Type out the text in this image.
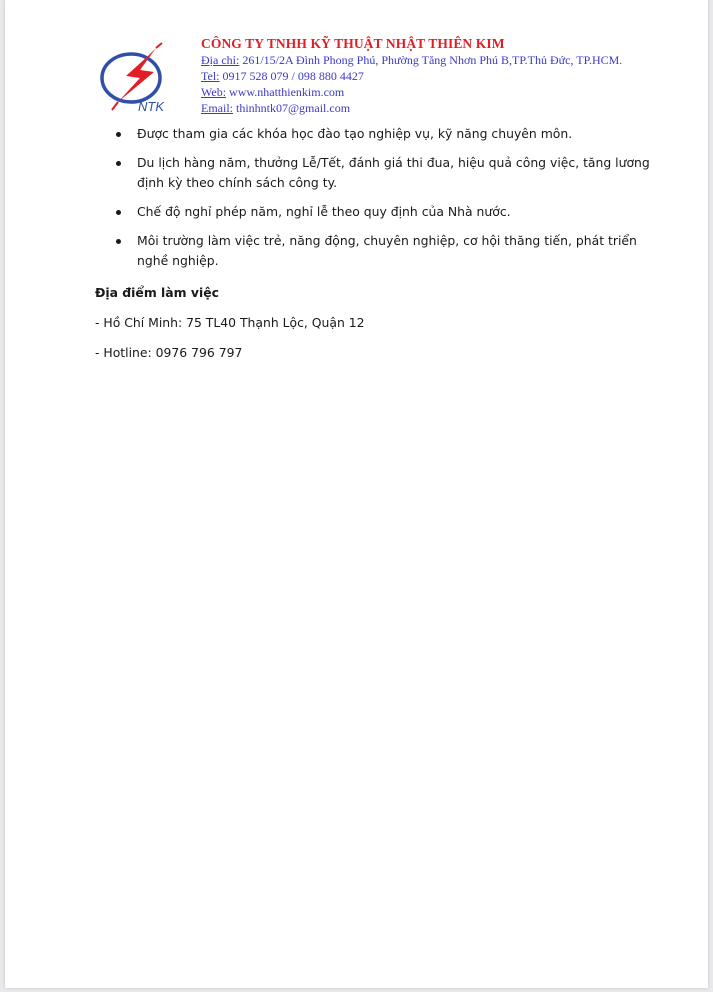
NTK
CÔNG TY TNHH KỸ THUẬT NHẬT THIÊN KIM
Địa chỉ: 261/15/2A Đình Phong Phú, Phường Tăng Nhơn Phú B,TP.Thủ Đức, TP.HCM.
Tel: 0917 528 079 / 098 880 4427
Web: www.nhatthienkim.com
Email: thinhntk07@gmail.com
Được tham gia các khóa học đào tạo nghiệp vụ, kỹ năng chuyên môn.
Du lịch hàng năm, thưởng Lễ/Tết, đánh giá thi đua, hiệu quả công việc, tăng lương định kỳ theo chính sách công ty.
Chế độ nghỉ phép năm, nghỉ lễ theo quy định của Nhà nước.
Môi trường làm việc trẻ, năng động, chuyên nghiệp, cơ hội thăng tiến, phát triển nghề nghiệp.
Địa điểm làm việc
- Hồ Chí Minh: 75 TL40 Thạnh Lộc, Quận 12
- Hotline: 0976 796 797
